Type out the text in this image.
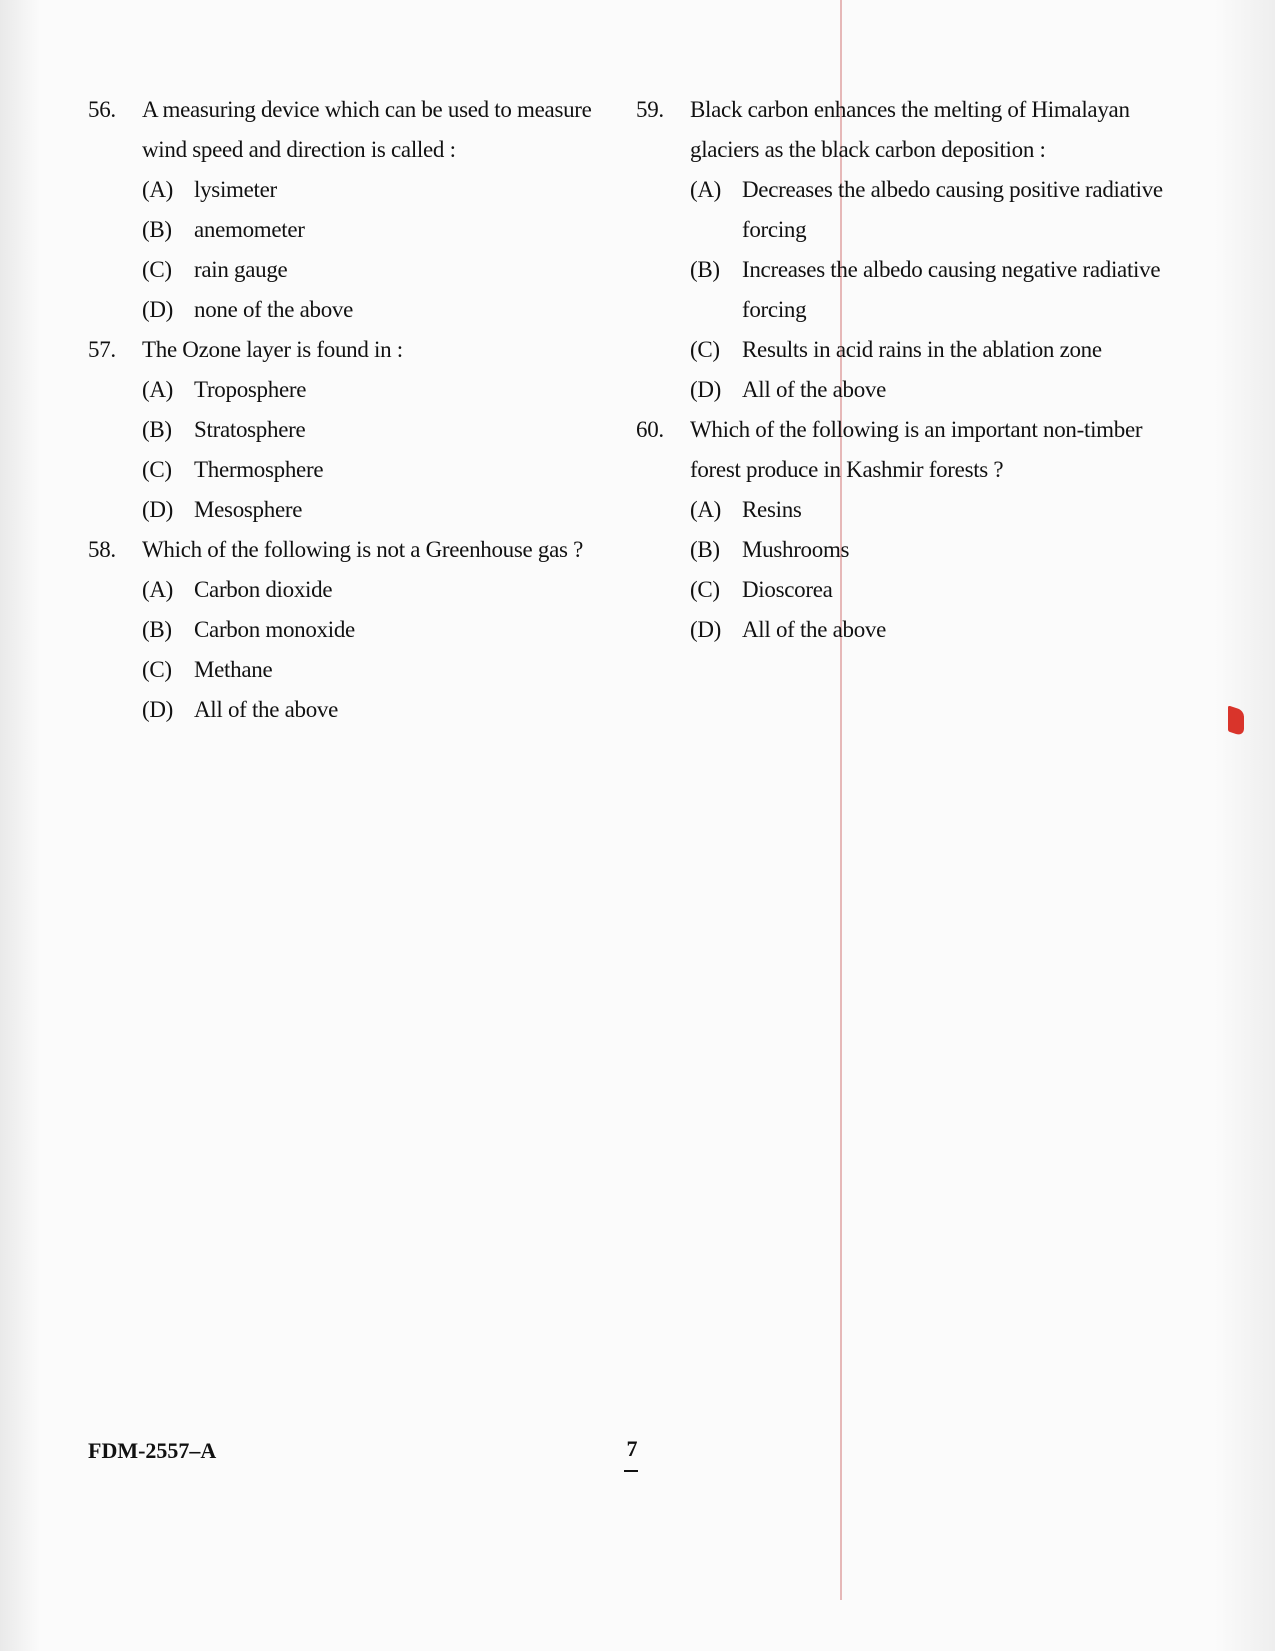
56.	A measuring device which can be used to measure wind speed and direction is called :
(A) lysimeter
(B) anemometer
(C) rain gauge
(D) none of the above
57.	The Ozone layer is found in :
(A) Troposphere
(B) Stratosphere
(C) Thermosphere
(D) Mesosphere
58.	Which of the following is not a Greenhouse gas ?
(A) Carbon dioxide
(B) Carbon monoxide
(C) Methane
(D) All of the above
59.	Black carbon enhances the melting of Himalayan glaciers as the black carbon deposition :
(A) Decreases the albedo causing positive radiative forcing
(B) Increases the albedo causing negative radiative forcing
(C) Results in acid rains in the ablation zone
(D) All of the above
60.	Which of the following is an important non-timber forest produce in Kashmir forests ?
(A) Resins
(B) Mushrooms
(C) Dioscorea
(D) All of the above
FDM-2557–A	7
